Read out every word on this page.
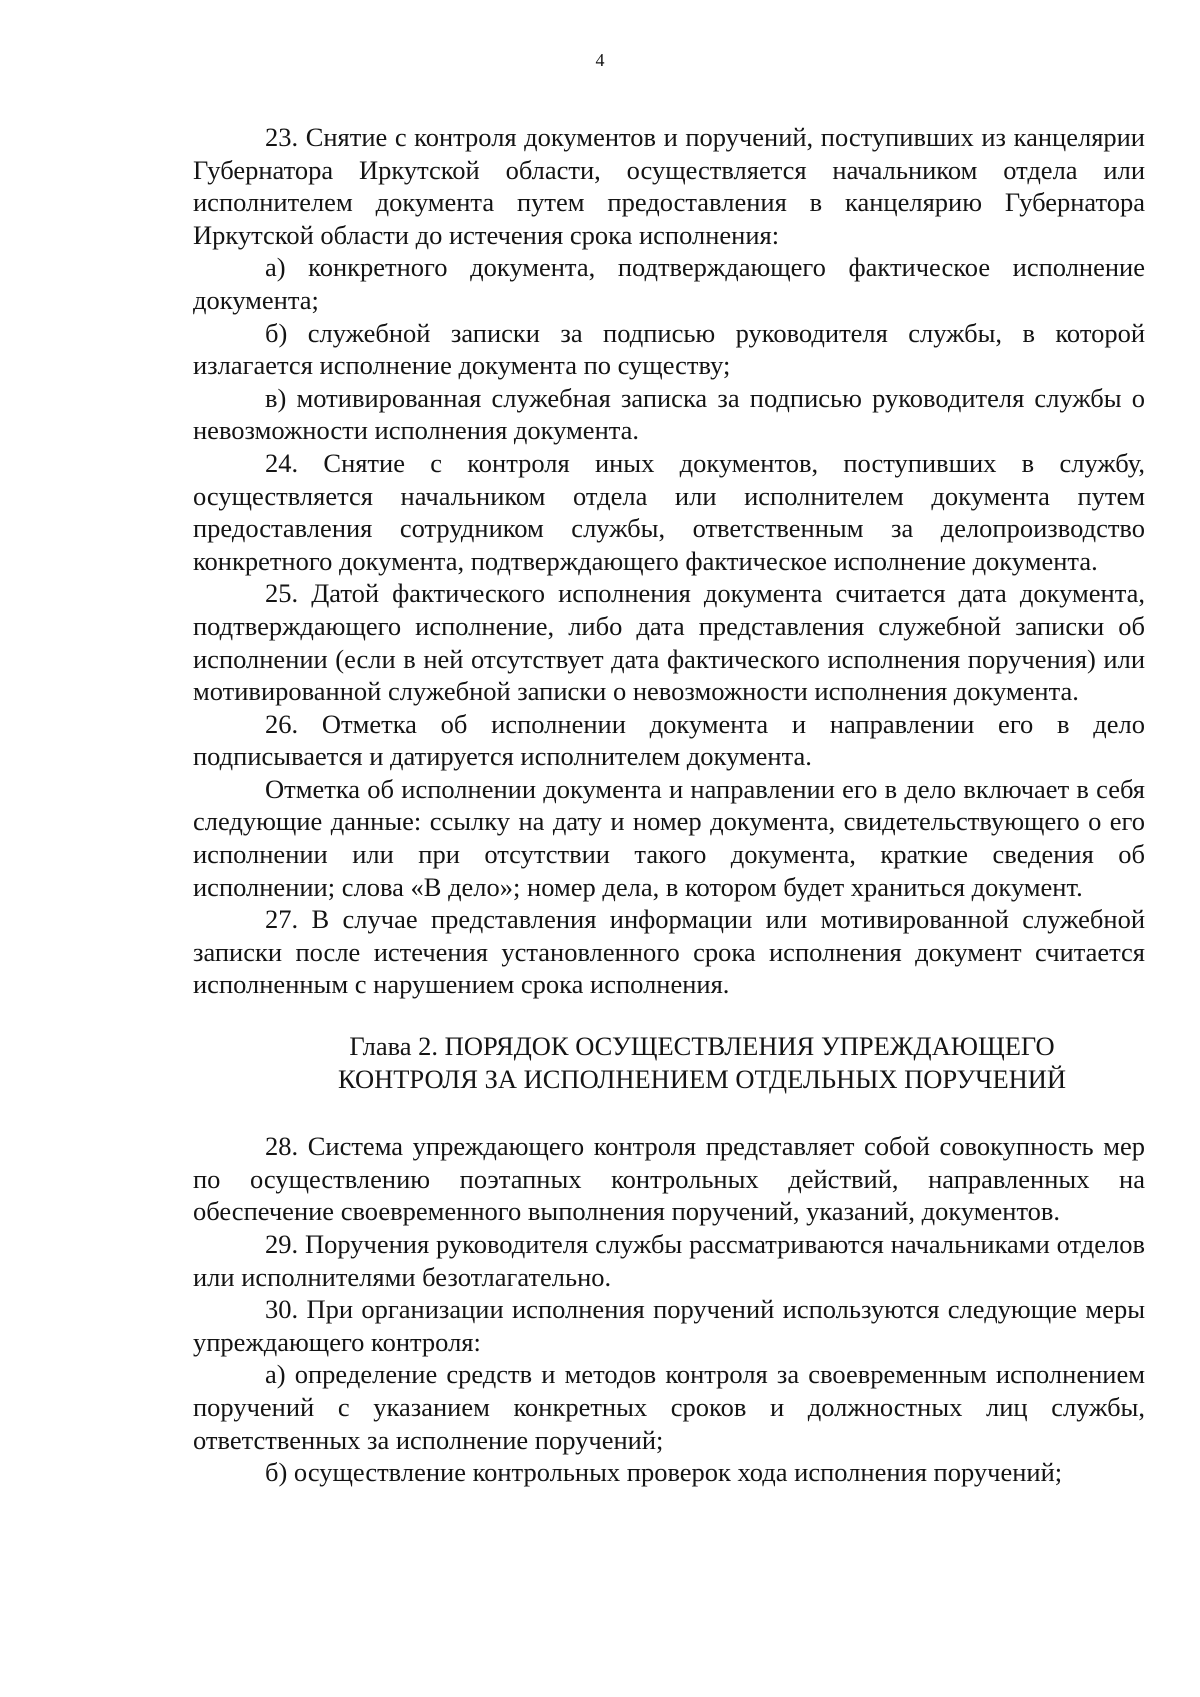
4

23. Снятие с контроля документов и поручений, поступивших из канцелярии Губернатора Иркутской области, осуществляется начальником отдела или исполнителем документа путем предоставления в канцелярию Губернатора Иркутской области до истечения срока исполнения:

а) конкретного документа, подтверждающего фактическое исполнение документа;

б) служебной записки за подписью руководителя службы, в которой излагается исполнение документа по существу;

в) мотивированная служебная записка за подписью руководителя службы о невозможности исполнения документа.

24. Снятие с контроля иных документов, поступивших в службу, осуществляется начальником отдела или исполнителем документа путем предоставления сотрудником службы, ответственным за делопроизводство конкретного документа, подтверждающего фактическое исполнение документа.

25. Датой фактического исполнения документа считается дата документа, подтверждающего исполнение, либо дата представления служебной записки об исполнении (если в ней отсутствует дата фактического исполнения поручения) или мотивированной служебной записки о невозможности исполнения документа.

26. Отметка об исполнении документа и направлении его в дело подписывается и датируется исполнителем документа.

Отметка об исполнении документа и направлении его в дело включает в себя следующие данные: ссылку на дату и номер документа, свидетельствующего о его исполнении или при отсутствии такого документа, краткие сведения об исполнении; слова «В дело»; номер дела, в котором будет храниться документ.

27. В случае представления информации или мотивированной служебной записки после истечения установленного срока исполнения документ считается исполненным с нарушением срока исполнения.

Глава 2. ПОРЯДОК ОСУЩЕСТВЛЕНИЯ УПРЕЖДАЮЩЕГО
КОНТРОЛЯ ЗА ИСПОЛНЕНИЕМ ОТДЕЛЬНЫХ ПОРУЧЕНИЙ

28. Система упреждающего контроля представляет собой совокупность мер по осуществлению поэтапных контрольных действий, направленных на обеспечение своевременного выполнения поручений, указаний, документов.

29. Поручения руководителя службы рассматриваются начальниками отделов или исполнителями безотлагательно.

30. При организации исполнения поручений используются следующие меры упреждающего контроля:

а) определение средств и методов контроля за своевременным исполнением поручений с указанием конкретных сроков и должностных лиц службы, ответственных за исполнение поручений;

б) осуществление контрольных проверок хода исполнения поручений;
